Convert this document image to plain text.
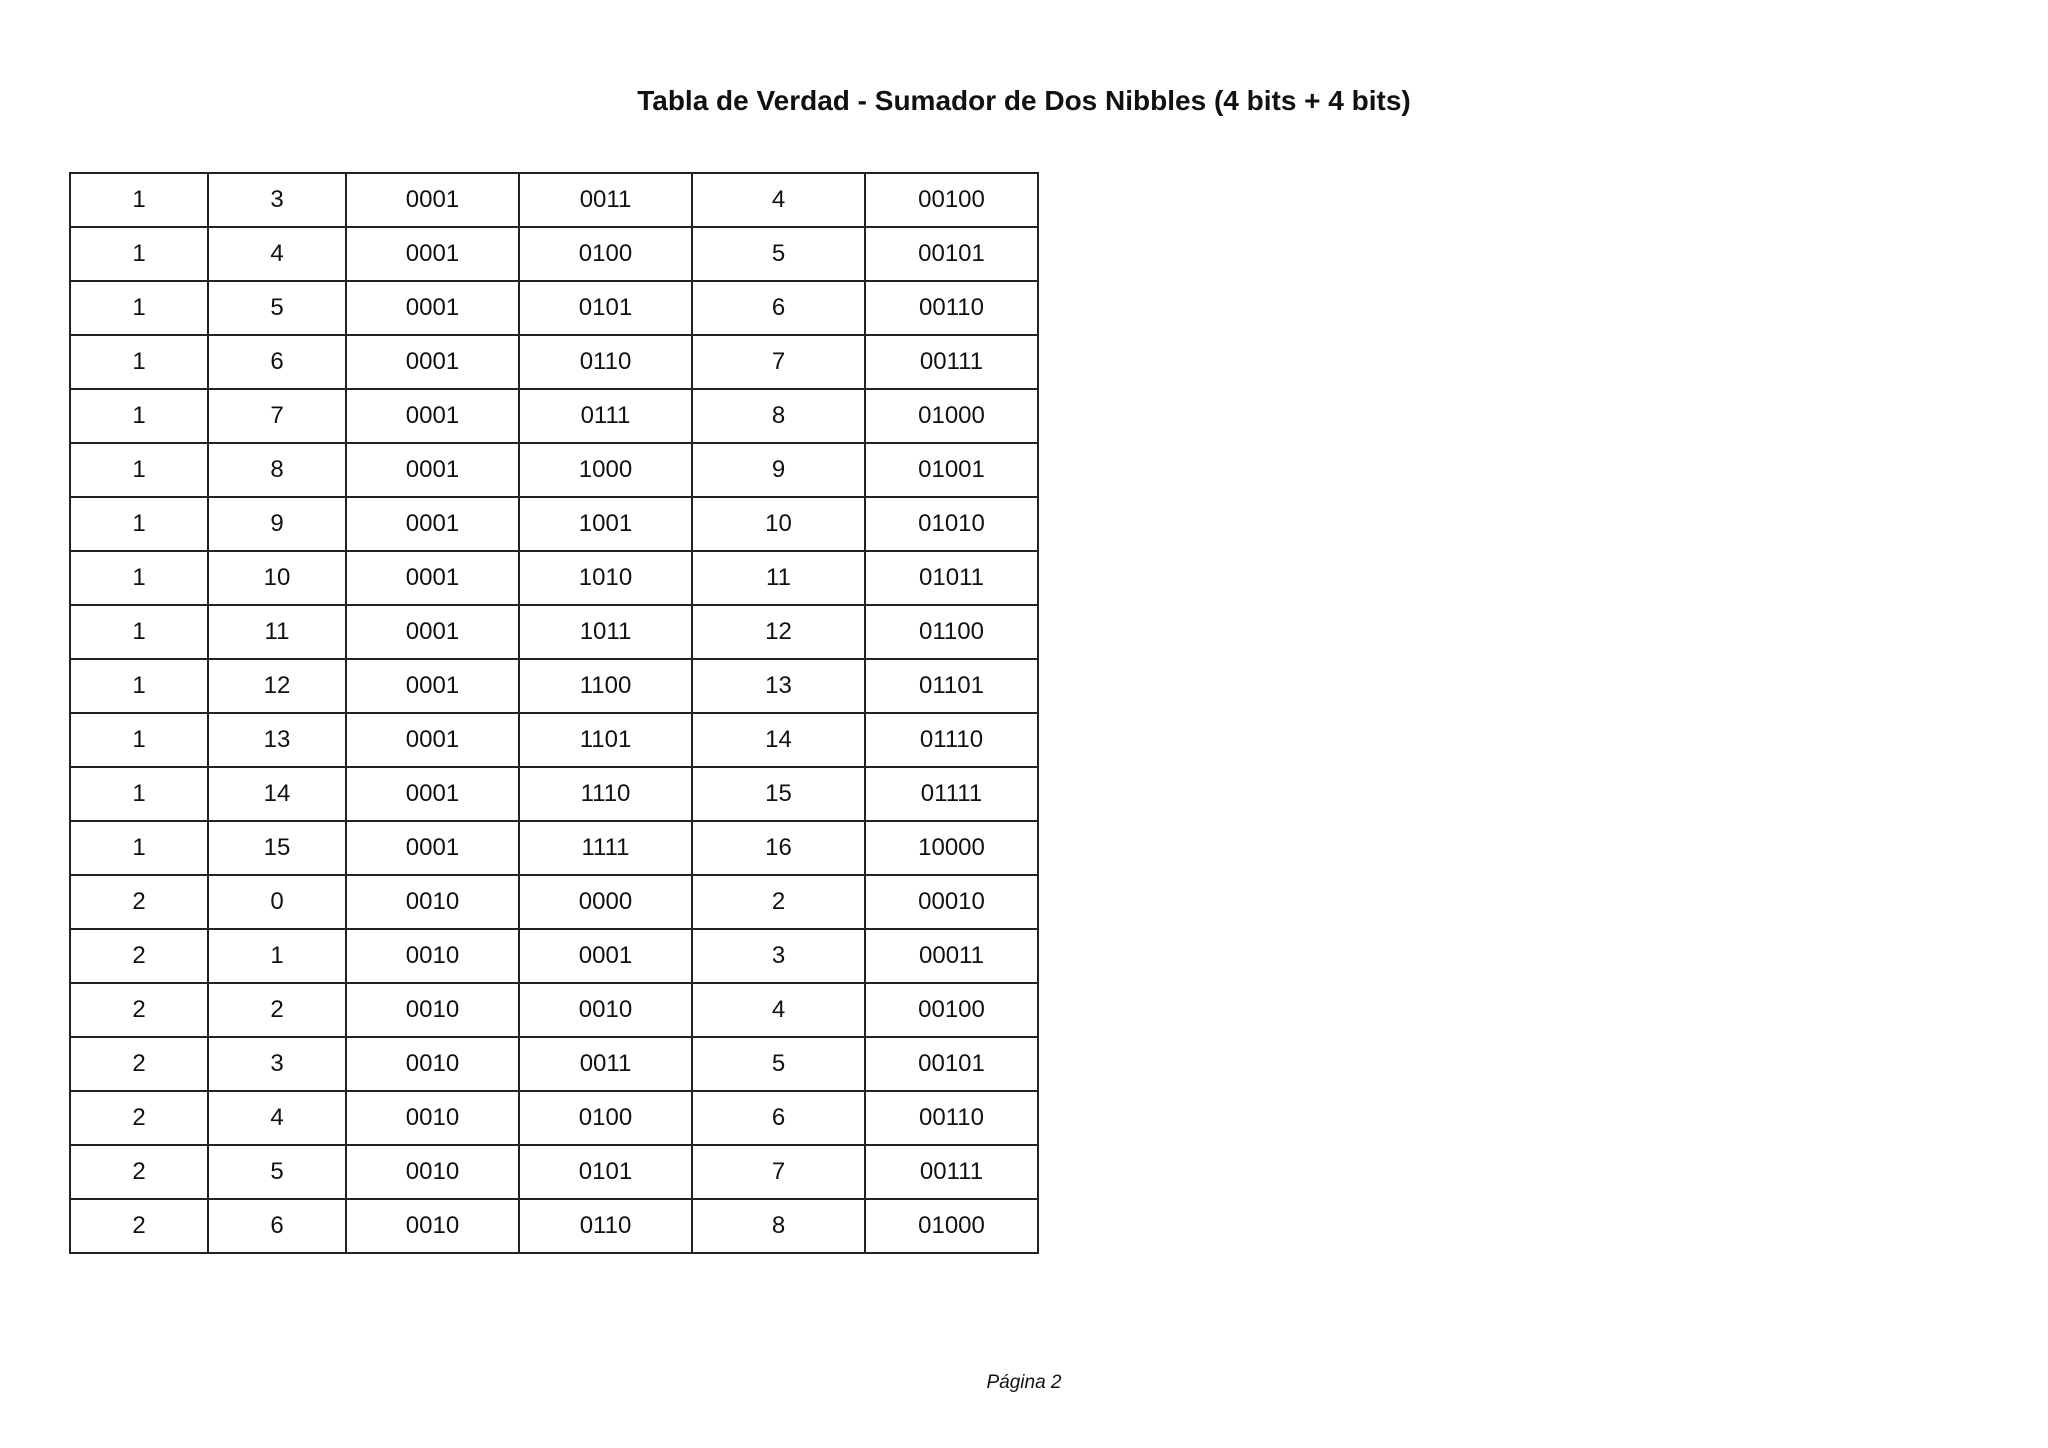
Tabla de Verdad - Sumador de Dos Nibbles (4 bits + 4 bits)
1	3	0001	0011	4	00100
1	4	0001	0100	5	00101
1	5	0001	0101	6	00110
1	6	0001	0110	7	00111
1	7	0001	0111	8	01000
1	8	0001	1000	9	01001
1	9	0001	1001	10	01010
1	10	0001	1010	11	01011
1	11	0001	1011	12	01100
1	12	0001	1100	13	01101
1	13	0001	1101	14	01110
1	14	0001	1110	15	01111
1	15	0001	1111	16	10000
2	0	0010	0000	2	00010
2	1	0010	0001	3	00011
2	2	0010	0010	4	00100
2	3	0010	0011	5	00101
2	4	0010	0100	6	00110
2	5	0010	0101	7	00111
2	6	0010	0110	8	01000
Página 2
